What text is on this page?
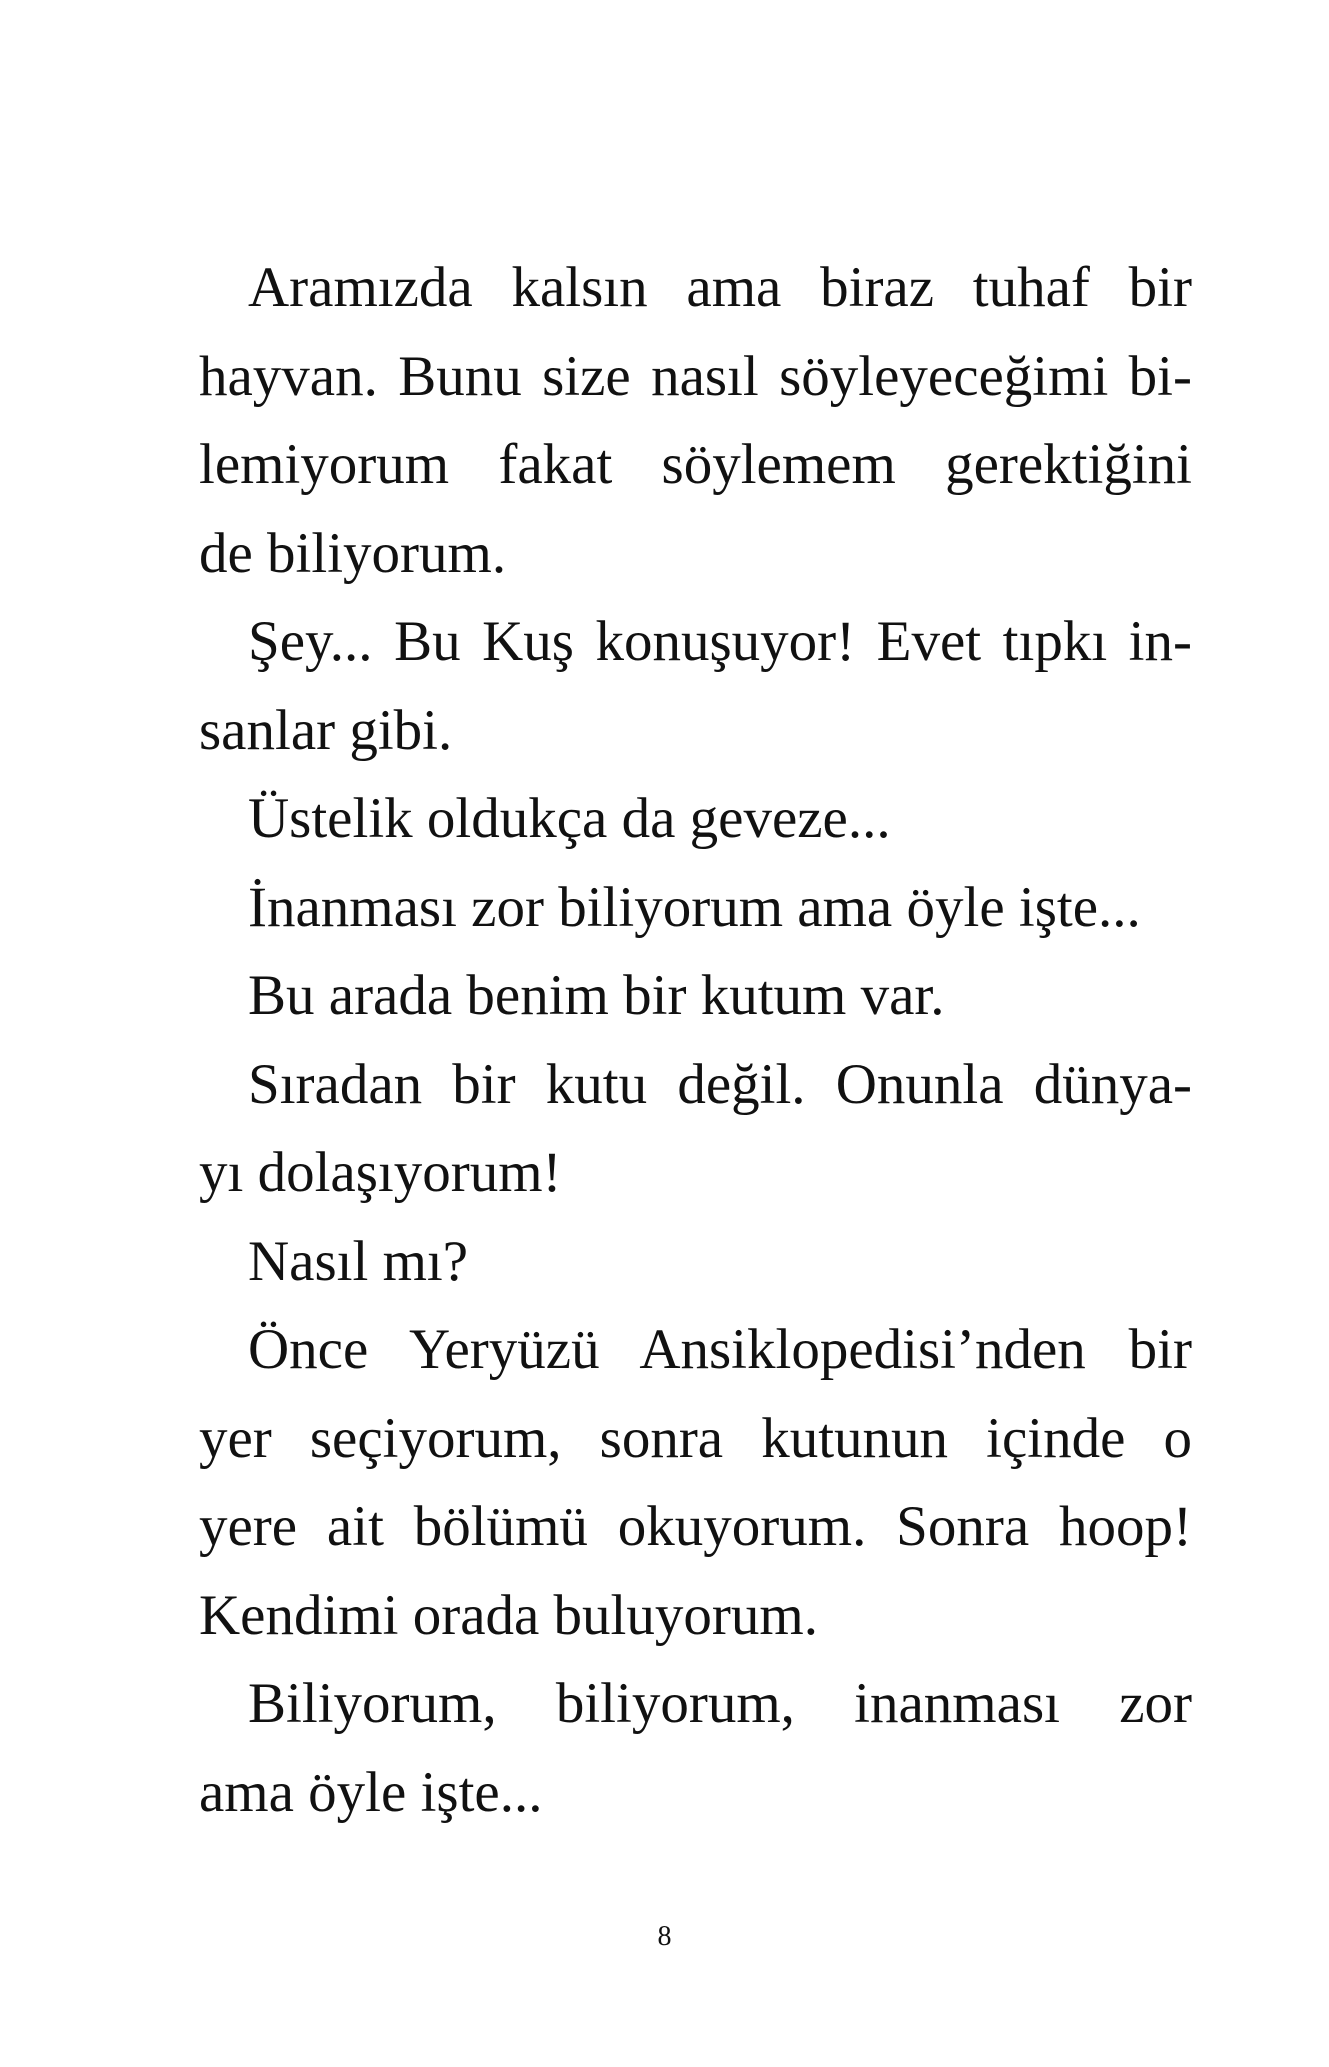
Aramızda kalsın ama biraz tuhaf bir
hayvan. Bunu size nasıl söyleyeceğimi bi-
lemiyorum fakat söylemem gerektiğini
de biliyorum.
Şey... Bu Kuş konuşuyor! Evet tıpkı in-
sanlar gibi.
Üstelik oldukça da geveze...
İnanması zor biliyorum ama öyle işte...
Bu arada benim bir kutum var.
Sıradan bir kutu değil. Onunla dünya-
yı dolaşıyorum!
Nasıl mı?
Önce Yeryüzü Ansiklopedisi’nden bir
yer seçiyorum, sonra kutunun içinde o
yere ait bölümü okuyorum. Sonra hoop!
Kendimi orada buluyorum.
Biliyorum, biliyorum, inanması zor
ama öyle işte...
8
